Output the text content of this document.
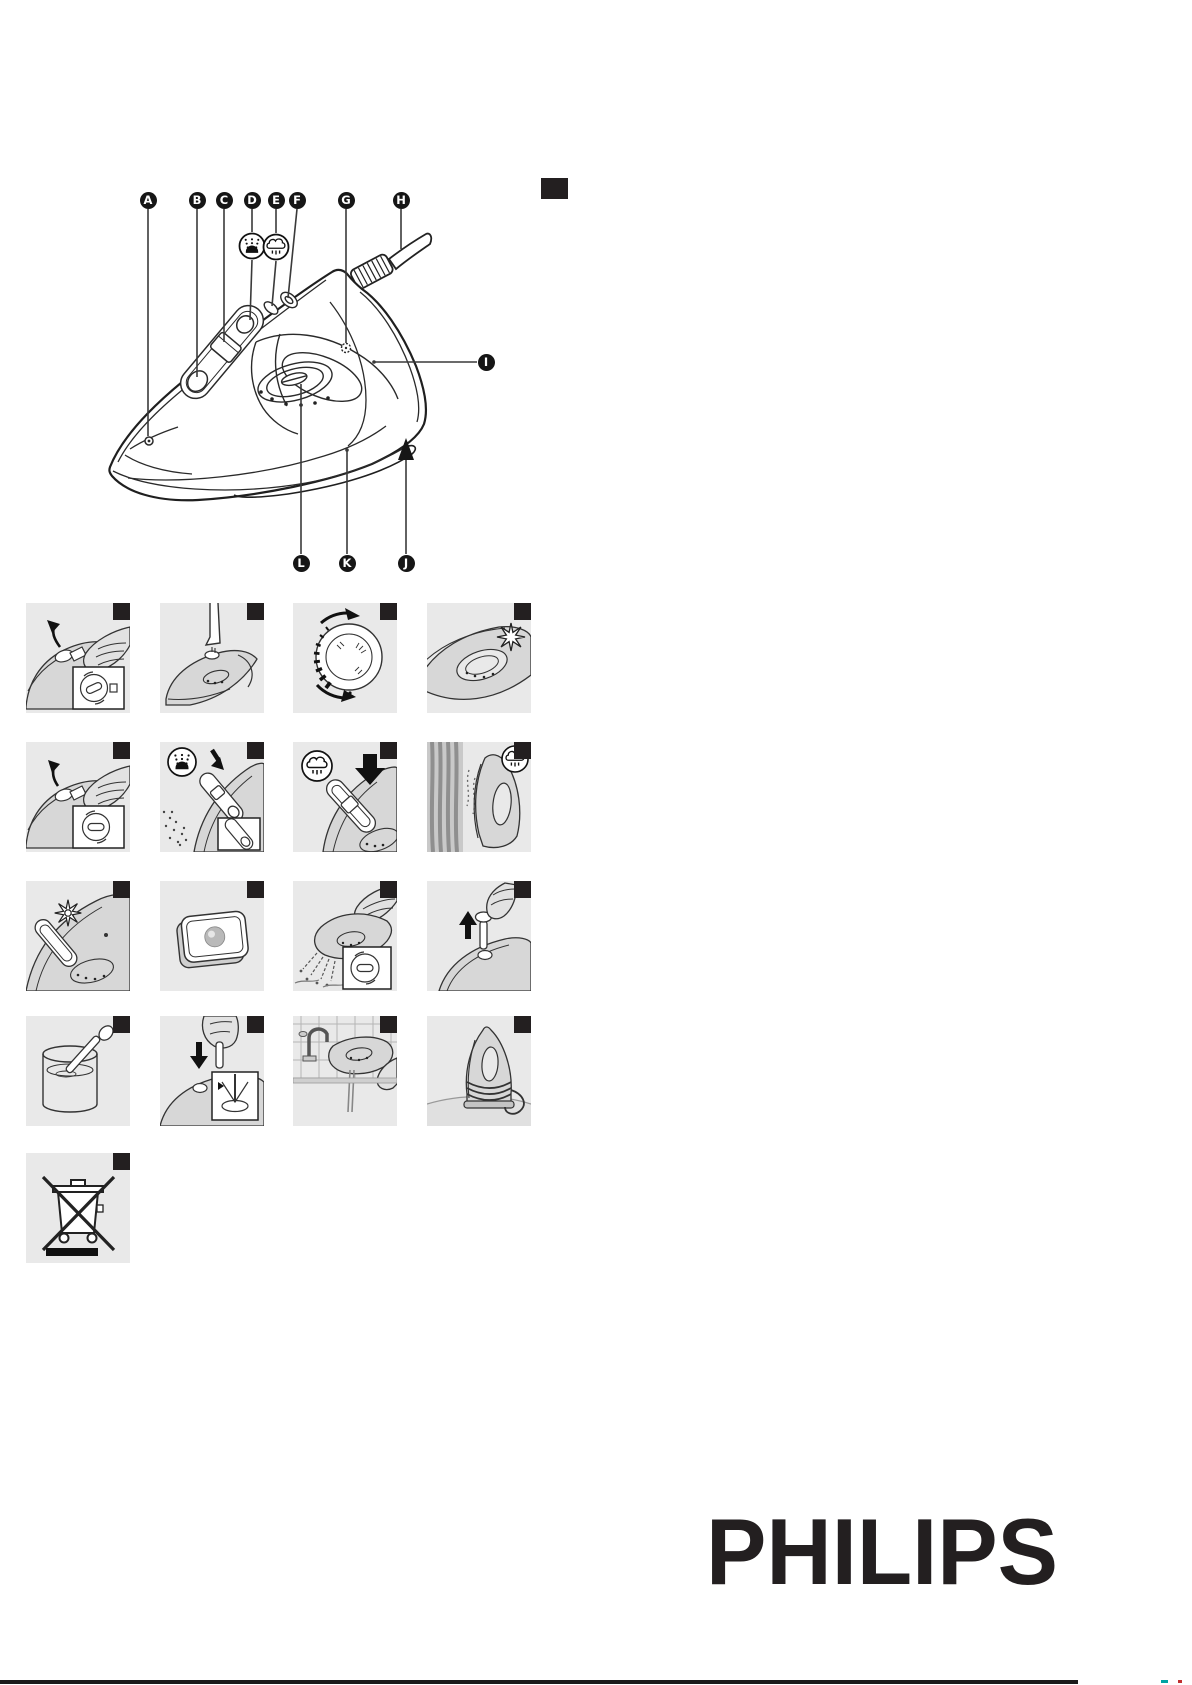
A	B	C	D	E	F	G	H
I
L	K	J
PHILIPS
